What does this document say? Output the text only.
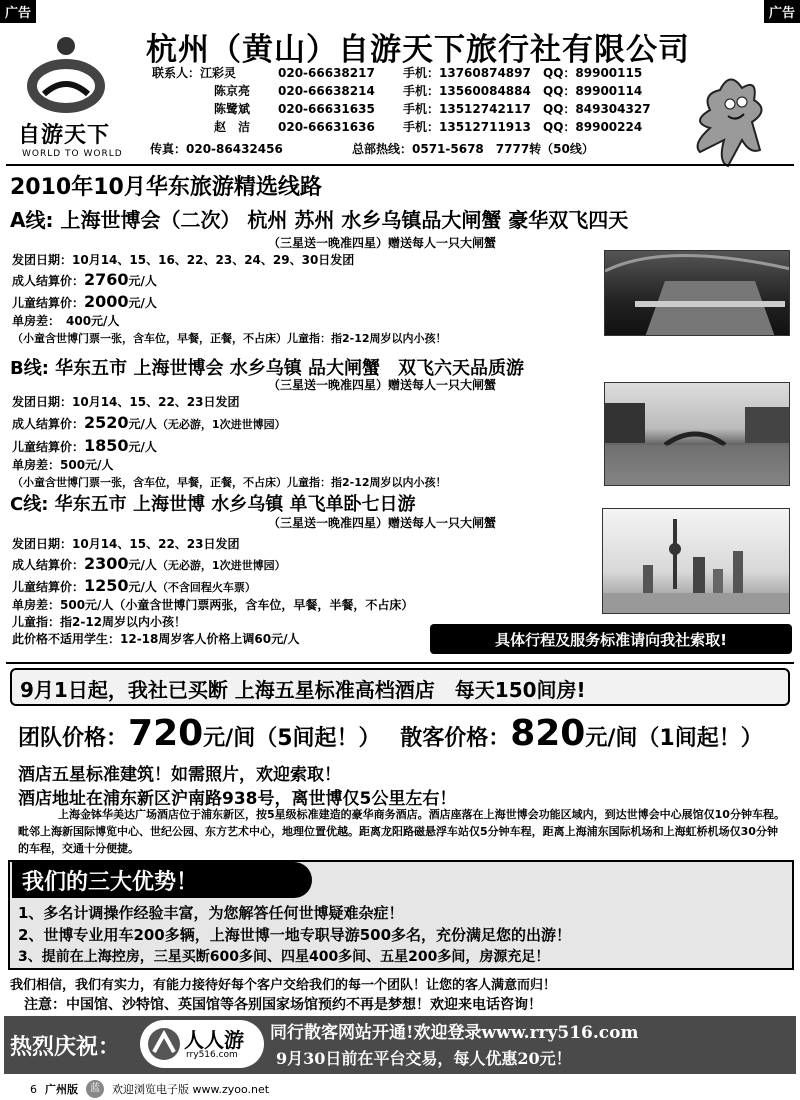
广告	广告
自游天下
WORLD TO WORLD
杭州（黄山）自游天下旅行社有限公司
联系人：江彩灵	020-66638217	手机：13760874897	QQ：89900115
陈京亮	020-66638214	手机：13560084884	QQ：89900114
陈鹭斌	020-66631635	手机：13512742117	QQ：849304327
赵　洁	020-66631636	手机：13512711913	QQ：89900224
传真：020-86432456	总部热线：0571-5678　7777转（50线）
2010年10月华东旅游精选线路
A线: 上海世博会（二次） 杭州 苏州 水乡乌镇品大闸蟹 豪华双飞四天
（三星送一晚准四星）赠送每人一只大闸蟹
发团日期：10月14、15、16、22、23、24、29、30日发团
成人结算价：2760元/人
儿童结算价：2000元/人
单房差：　400元/人
（小童含世博门票一张，含车位，早餐，正餐，不占床）儿童指：指2-12周岁以内小孩！
B线: 华东五市 上海世博会 水乡乌镇 品大闸蟹　双飞六天品质游
（三星送一晚准四星）赠送每人一只大闸蟹
发团日期：10月14、15、22、23日发团
成人结算价：2520元/人（无必游，1次进世博园）
儿童结算价：1850元/人
单房差：500元/人
（小童含世博门票一张，含车位，早餐，正餐，不占床）儿童指：指2-12周岁以内小孩！
C线: 华东五市 上海世博 水乡乌镇 单飞单卧七日游
（三星送一晚准四星）赠送每人一只大闸蟹
发团日期：10月14、15、22、23日发团
成人结算价：2300元/人（无必游，1次进世博园）
儿童结算价：1250元/人（不含回程火车票）
单房差：500元/人（小童含世博门票两张，含车位，早餐，半餐，不占床）
儿童指：指2-12周岁以内小孩！
此价格不适用学生：12-18周岁客人价格上调60元/人	具体行程及服务标准请向我社索取!
9月1日起，我社已买断 上海五星标准高档酒店　每天150间房!
团队价格：720元/间（5间起！） 散客价格：820元/间（1间起！）
酒店五星标准建筑！如需照片，欢迎索取！
酒店地址在浦东新区沪南路938号，离世博仅5公里左右！
上海金钵华美达广场酒店位于浦东新区，按5星级标准建造的豪华商务酒店。酒店座落在上海世博会功能区域内，到达世博会中心展馆仅10分钟车程。毗邻上海新国际博览中心、世纪公园、东方艺术中心，地理位置优越。距离龙阳路磁悬浮车站仅5分钟车程，距离上海浦东国际机场和上海虹桥机场仅30分钟的车程，交通十分便捷。
我们的三大优势！
1、多名计调操作经验丰富，为您解答任何世博疑难杂症！
2、世博专业用车200多辆，上海世博一地专职导游500多名，充份满足您的出游！
3、提前在上海控房，三星买断600多间、四星400多间、五星200多间，房源充足！
我们相信，我们有实力，有能力接待好每个客户交给我们的每一个团队！让您的客人满意而归！
注意：中国馆、沙特馆、英国馆等各别国家场馆预约不再是梦想！欢迎来电话咨询！
热烈庆祝：	人人游
rry516.com
同行散客网站开通!欢迎登录www.rry516.com
9月30日前在平台交易，每人优惠20元！
6 广州版	蓝	欢迎浏览电子版 www.zyoo.net
